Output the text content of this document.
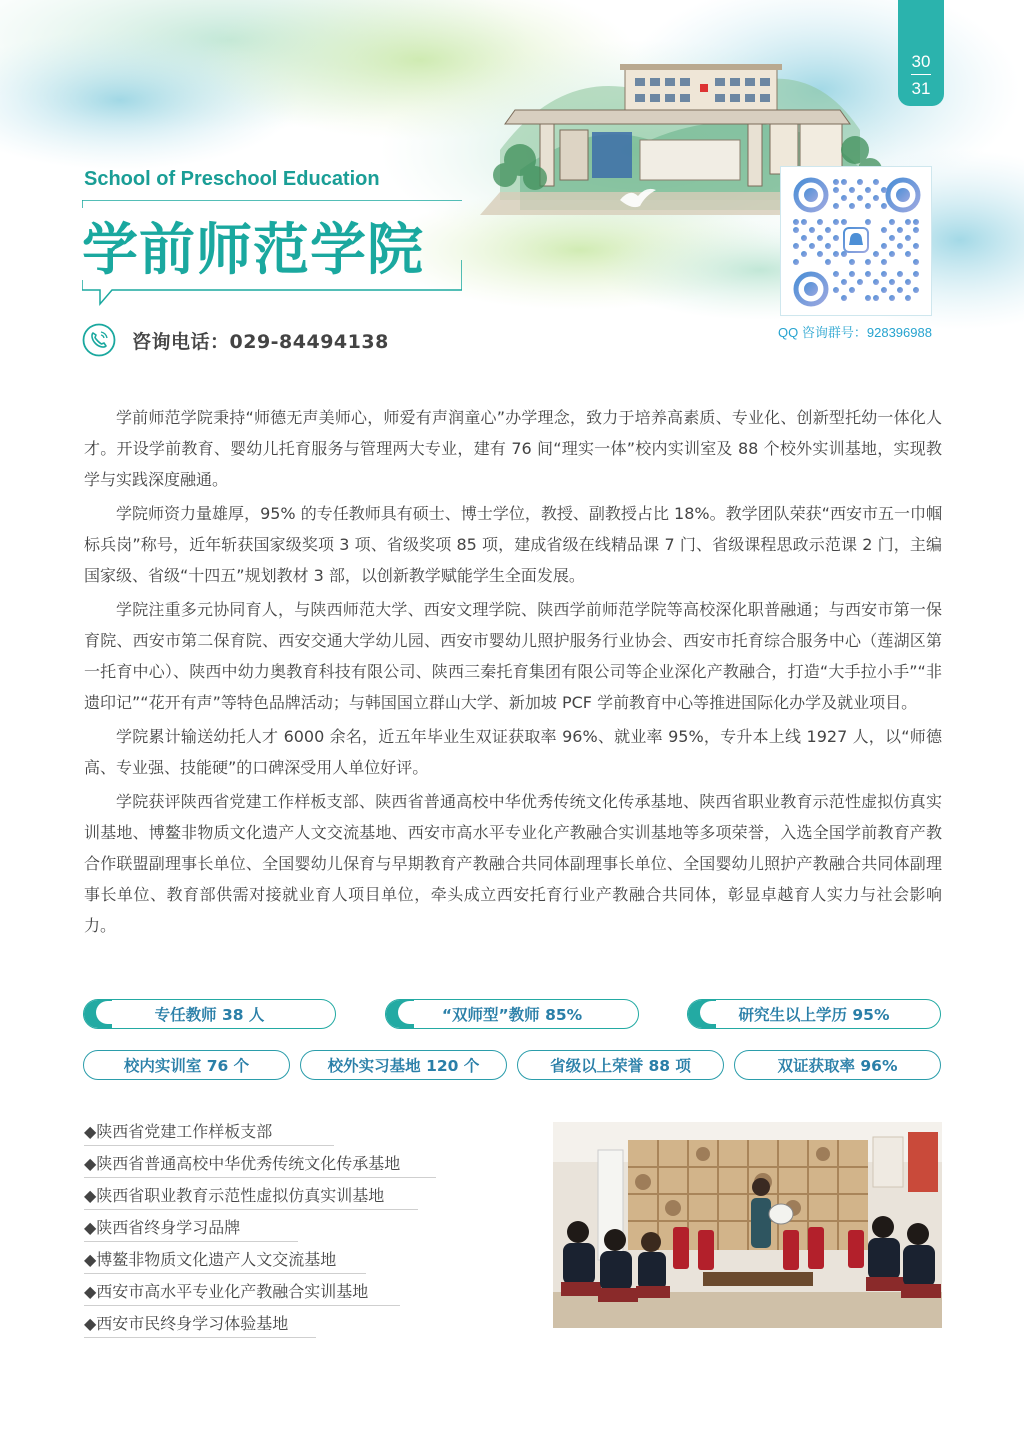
30
31
School of Preschool Education
学前师范学院
咨询电话：029-84494138	QQ 咨询群号：928396988

学前师范学院秉持“师德无声美师心，师爱有声润童心”办学理念，致力于培养高素质、专业化、创新型托幼一体化人才。开设学前教育、婴幼儿托育服务与管理两大专业，建有 76 间“理实一体”校内实训室及 88 个校外实训基地，实现教学与实践深度融通。

学院师资力量雄厚，95% 的专任教师具有硕士、博士学位，教授、副教授占比 18%。教学团队荣获“西安市五一巾帼标兵岗”称号，近年斩获国家级奖项 3 项、省级奖项 85 项，建成省级在线精品课 7 门、省级课程思政示范课 2 门，主编国家级、省级“十四五”规划教材 3 部，以创新教学赋能学生全面发展。

学院注重多元协同育人，与陕西师范大学、西安文理学院、陕西学前师范学院等高校深化职普融通；与西安市第一保育院、西安市第二保育院、西安交通大学幼儿园、西安市婴幼儿照护服务行业协会、西安市托育综合服务中心（莲湖区第一托育中心）、陕西中幼力奥教育科技有限公司、陕西三秦托育集团有限公司等企业深化产教融合，打造“大手拉小手”“非遗印记”“花开有声”等特色品牌活动；与韩国国立群山大学、新加坡 PCF 学前教育中心等推进国际化办学及就业项目。

学院累计输送幼托人才 6000 余名，近五年毕业生双证获取率 96%、就业率 95%，专升本上线 1927 人，以“师德高、专业强、技能硬”的口碑深受用人单位好评。

学院获评陕西省党建工作样板支部、陕西省普通高校中华优秀传统文化传承基地、陕西省职业教育示范性虚拟仿真实训基地、博鳌非物质文化遗产人文交流基地、西安市高水平专业化产教融合实训基地等多项荣誉，入选全国学前教育产教合作联盟副理事长单位、全国婴幼儿保育与早期教育产教融合共同体副理事长单位、全国婴幼儿照护产教融合共同体副理事长单位、教育部供需对接就业育人项目单位，牵头成立西安托育行业产教融合共同体，彰显卓越育人实力与社会影响力。

专任教师 38 人	“双师型”教师 85%	研究生以上学历 95%
校内实训室 76 个	校外实习基地 120 个	省级以上荣誉 88 项	双证获取率 96%
◆陕西省党建工作样板支部
◆陕西省普通高校中华优秀传统文化传承基地
◆陕西省职业教育示范性虚拟仿真实训基地
◆陕西省终身学习品牌
◆博鳌非物质文化遗产人文交流基地
◆西安市高水平专业化产教融合实训基地
◆西安市民终身学习体验基地
